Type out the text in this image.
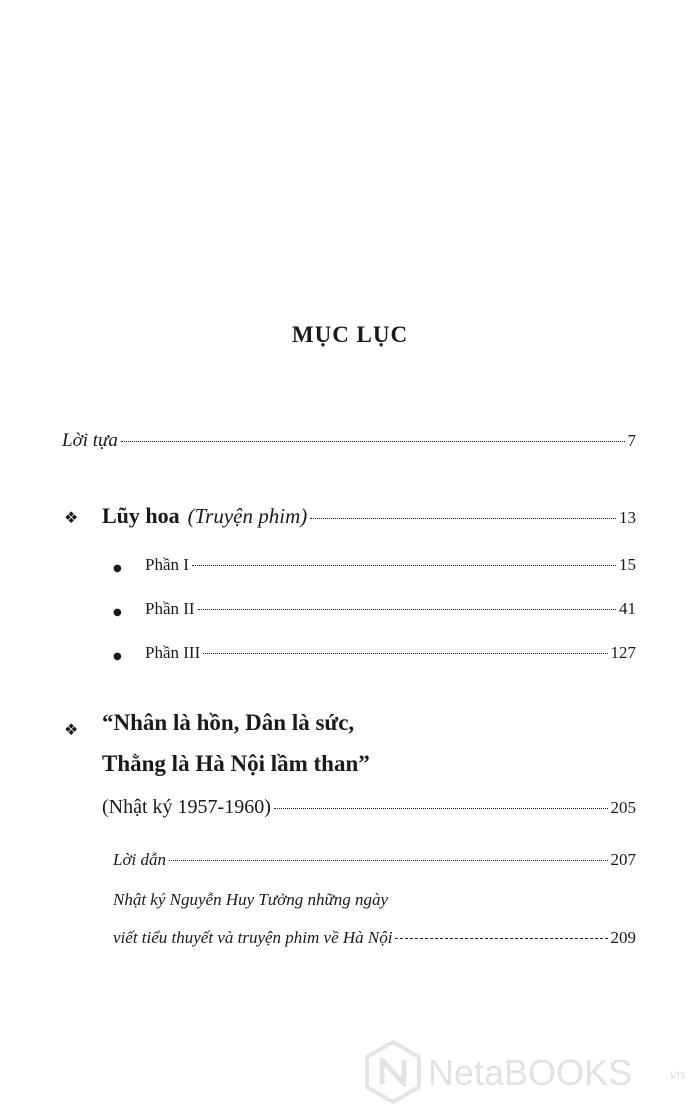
MỤC LỤC
Lời tựa	7
❖ Lũy hoa (Truyện phim)	13
● Phần I	15
● Phần II	41
● Phần III	127
❖ “Nhân là hồn, Dân là sức,
Thằng là Hà Nội lầm than”
(Nhật ký 1957-1960)	205
Lời dẫn	207
Nhật ký Nguyễn Huy Tưởng những ngày
viết tiểu thuyết và truyện phim về Hà Nội	209
NetaBOOKS .vn
